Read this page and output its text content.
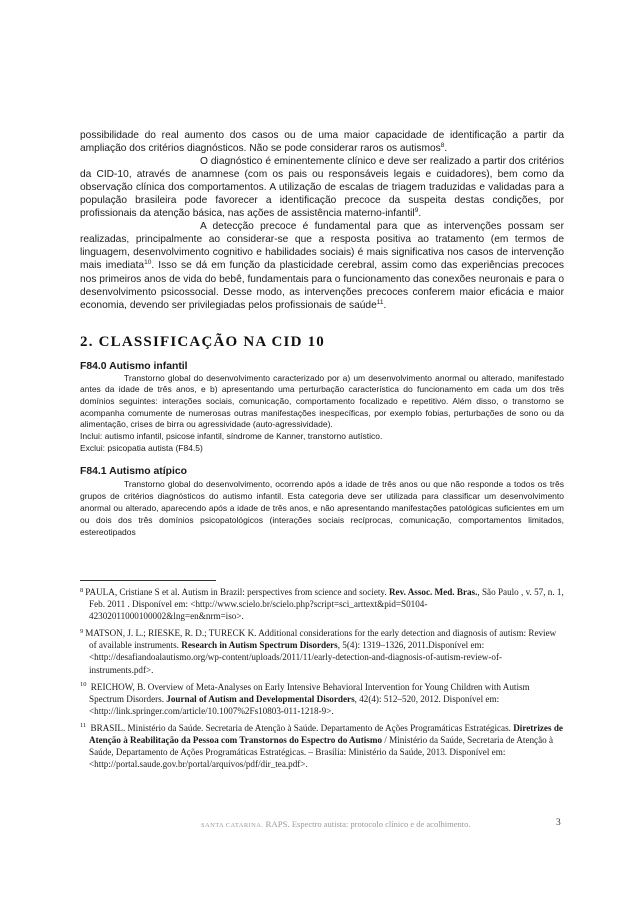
possibilidade do real aumento dos casos ou de uma maior capacidade de identificação a partir da ampliação dos critérios diagnósticos. Não se pode considerar raros os autismos$^8$.

O diagnóstico é eminentemente clínico e deve ser realizado a partir dos critérios da CID-10, através de anamnese (com os pais ou responsáveis legais e cuidadores), bem como da observação clínica dos comportamentos. A utilização de escalas de triagem traduzidas e validadas para a população brasileira pode favorecer a identificação precoce da suspeita destas condições, por profissionais da atenção básica, nas ações de assistência materno-infantil$^9$.

A detecção precoce é fundamental para que as intervenções possam ser realizadas, principalmente ao considerar-se que a resposta positiva ao tratamento (em termos de linguagem, desenvolvimento cognitivo e habilidades sociais) é mais significativa nos casos de intervenção mais imediata$^{10}$. Isso se dá em função da plasticidade cerebral, assim como das experiências precoces nos primeiros anos de vida do bebê, fundamentais para o funcionamento das conexões neuronais e para o desenvolvimento psicossocial. Desse modo, as intervenções precoces conferem maior eficácia e maior economia, devendo ser privilegiadas pelos profissionais de saúde$^{11}$.

2. CLASSIFICAÇÃO NA CID 10
F84.0 Autismo infantil

Transtorno global do desenvolvimento caracterizado por a) um desenvolvimento anormal ou alterado, manifestado antes da idade de três anos, e b) apresentando uma perturbação característica do funcionamento em cada um dos três domínios seguintes: interações sociais, comunicação, comportamento focalizado e repetitivo. Além disso, o transtorno se acompanha comumente de numerosas outras manifestações inespecíficas, por exemplo fobias, perturbações de sono ou da alimentação, crises de birra ou agressividade (auto-agressividade).

Inclui: autismo infantil, psicose infantil, síndrome de Kanner, transtorno autístico.

Exclui: psicopatia autista (F84.5)

F84.1 Autismo atípico

Transtorno global do desenvolvimento, ocorrendo após a idade de três anos ou que não responde a todos os três grupos de critérios diagnósticos do autismo infantil. Esta categoria deve ser utilizada para classificar um desenvolvimento anormal ou alterado, aparecendo após a idade de três anos, e não apresentando manifestações patológicas suficientes em um ou dois dos três domínios psicopatológicos (interações sociais recíprocas, comunicação, comportamentos limitados, estereotipados

$^8$ PAULA, Cristiane S et al. Autism in Brazil: perspectives from science and society. Rev. Assoc. Med. Bras., São Paulo , v. 57, n. 1, Feb. 2011 . Disponível em: <http://www.scielo.br/scielo.php?script=sci_arttext&pid=S0104-42302011000100002&lng=en&nrm=iso>.

$^9$ MATSON, J. L.; RIESKE, R. D.; TURECK K. Additional considerations for the early detection and diagnosis of autism: Review of available instruments. Research in Autism Spectrum Disorders, 5(4): 1319–1326, 2011.Disponível em: <http://desafiandoalautismo.org/wp-content/uploads/2011/11/early-detection-and-diagnosis-of-autism-review-of-instruments.pdf>.

$^{10}$ REICHOW, B. Overview of Meta-Analyses on Early Intensive Behavioral Intervention for Young Children with Autism Spectrum Disorders. Journal of Autism and Developmental Disorders, 42(4): 512–520, 2012. Disponível em: <http://link.springer.com/article/10.1007%2Fs10803-011-1218-9>.

$^{11}$ BRASIL. Ministério da Saúde. Secretaria de Atenção à Saúde. Departamento de Ações Programáticas Estratégicas. Diretrizes de Atenção à Reabilitação da Pessoa com Transtornos do Espectro do Autismo / Ministério da Saúde, Secretaria de Atenção à Saúde, Departamento de Ações Programáticas Estratégicas. – Brasília: Ministério da Saúde, 2013. Disponível em: <http://portal.saude.gov.br/portal/arquivos/pdf/dir_tea.pdf>.

SANTA CATARINA. RAPS. Espectro autista: protocolo clínico e de acolhimento.	3
